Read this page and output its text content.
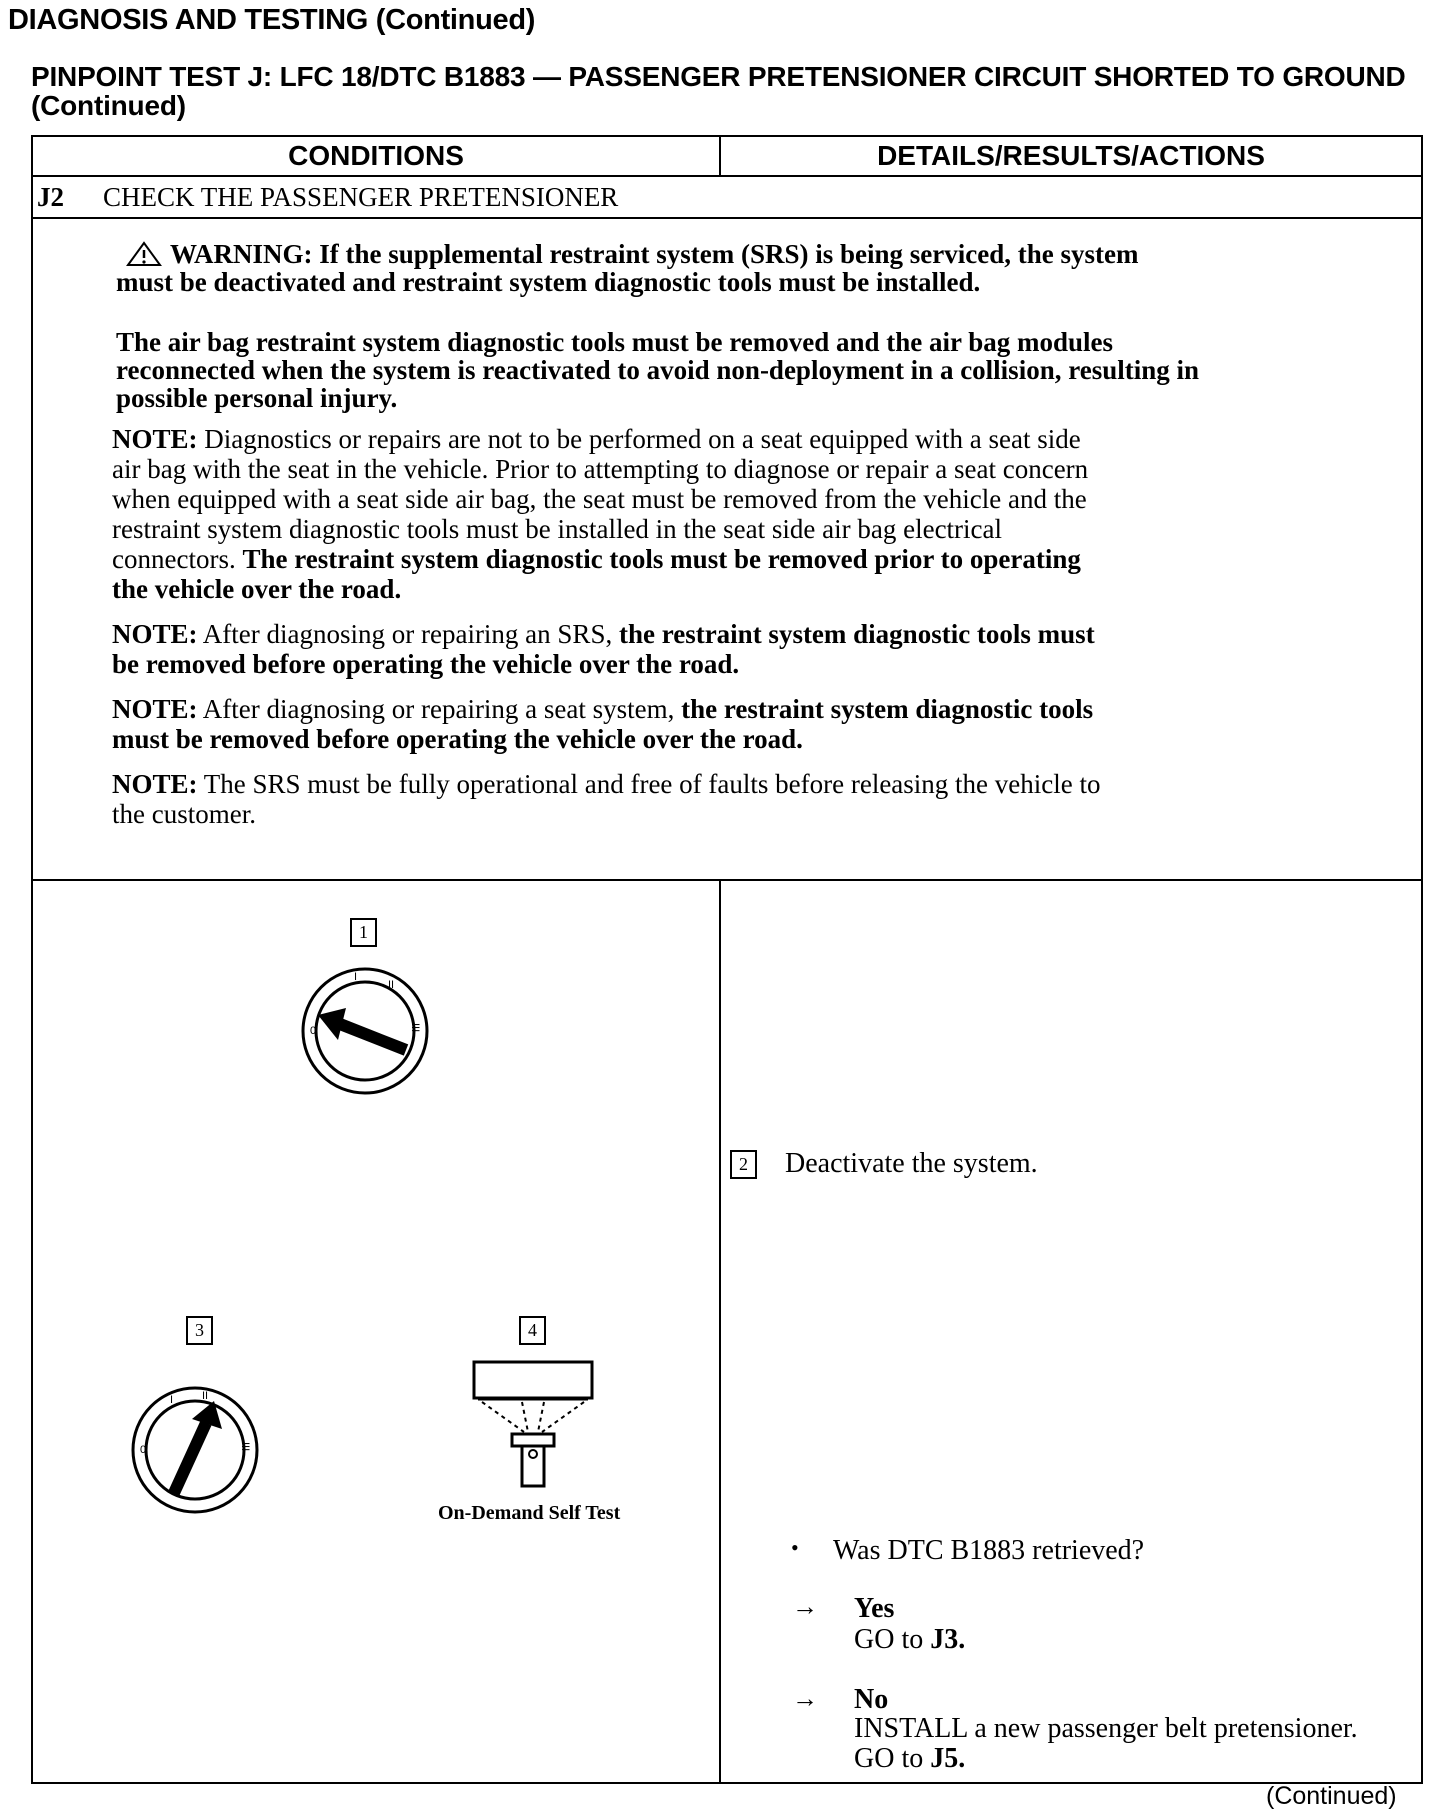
DIAGNOSIS AND TESTING (Continued)
PINPOINT TEST J: LFC 18/DTC B1883 — PASSENGER PRETENSIONER CIRCUIT SHORTED TO GROUND (Continued)
CONDITIONS	DETAILS/RESULTS/ACTIONS
J2 CHECK THE PASSENGER PRETENSIONER
WARNING: If the supplemental restraint system (SRS) is being serviced, the system
must be deactivated and restraint system diagnostic tools must be installed.
The air bag restraint system diagnostic tools must be removed and the air bag modules
reconnected when the system is reactivated to avoid non-deployment in a collision, resulting in
possible personal injury.
NOTE: Diagnostics or repairs are not to be performed on a seat equipped with a seat side
air bag with the seat in the vehicle. Prior to attempting to diagnose or repair a seat concern
when equipped with a seat side air bag, the seat must be removed from the vehicle and the
restraint system diagnostic tools must be installed in the seat side air bag electrical
connectors. The restraint system diagnostic tools must be removed prior to operating
the vehicle over the road.
NOTE: After diagnosing or repairing an SRS, the restraint system diagnostic tools must
be removed before operating the vehicle over the road.
NOTE: After diagnosing or repairing a seat system, the restraint system diagnostic tools
must be removed before operating the vehicle over the road.
NOTE: The SRS must be fully operational and free of faults before releasing the vehicle to
the customer.
1
0
I
II
III
3
0
I	II
III
4
On-Demand Self Test
2	Deactivate the system.
• Was DTC B1883 retrieved?
→ Yes
GO to J3.
→ No
INSTALL a new passenger belt pretensioner.
GO to J5.
(Continued)
